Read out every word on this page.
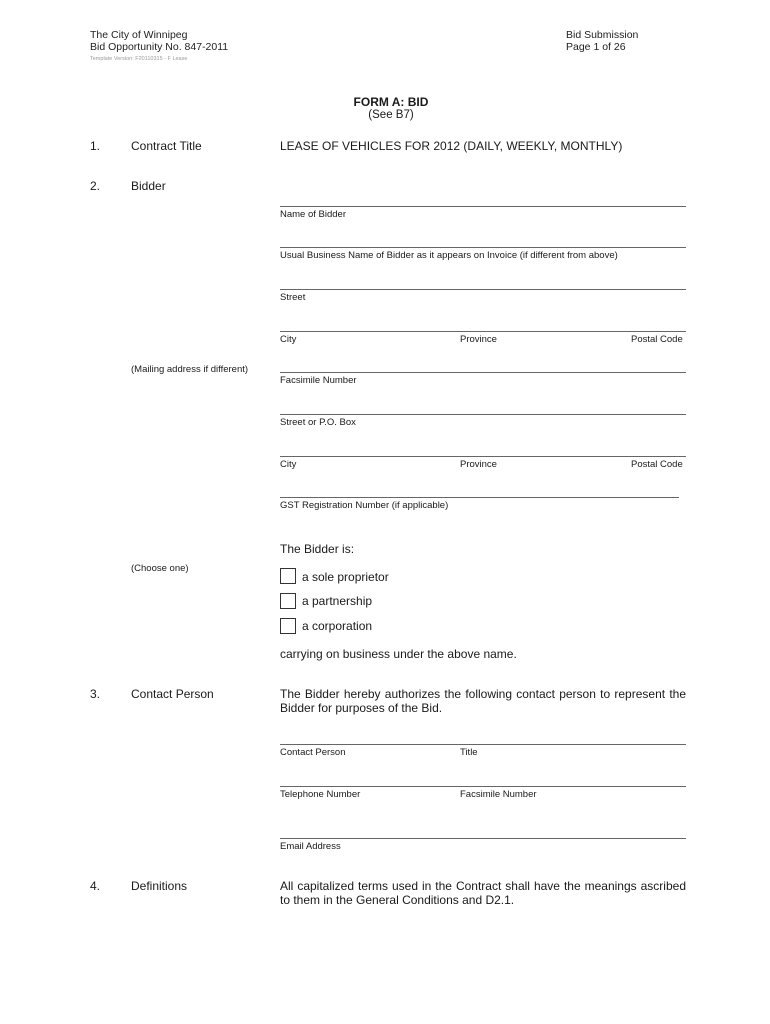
The City of Winnipeg
Bid Opportunity No. 847-2011
Template Version: F20110315 - F Lease
Bid Submission
Page 1 of 26
FORM A: BID
(See B7)
1.	Contract Title	LEASE OF VEHICLES FOR 2012 (DAILY, WEEKLY, MONTHLY)
2.	Bidder
Name of Bidder
Usual Business Name of Bidder as it appears on Invoice (if different from above)
Street
City	Province	Postal Code
(Mailing address if different)
Facsimile Number
Street or P.O. Box
City	Province	Postal Code
GST Registration Number (if applicable)
The Bidder is:
(Choose one)
a sole proprietor
a partnership
a corporation
carrying on business under the above name.
3.	Contact Person	The Bidder hereby authorizes the following contact person to represent the Bidder for purposes of the Bid.
Contact Person	Title
Telephone Number	Facsimile Number
Email Address
4.	Definitions	All capitalized terms used in the Contract shall have the meanings ascribed to them in the General Conditions and D2.1.
